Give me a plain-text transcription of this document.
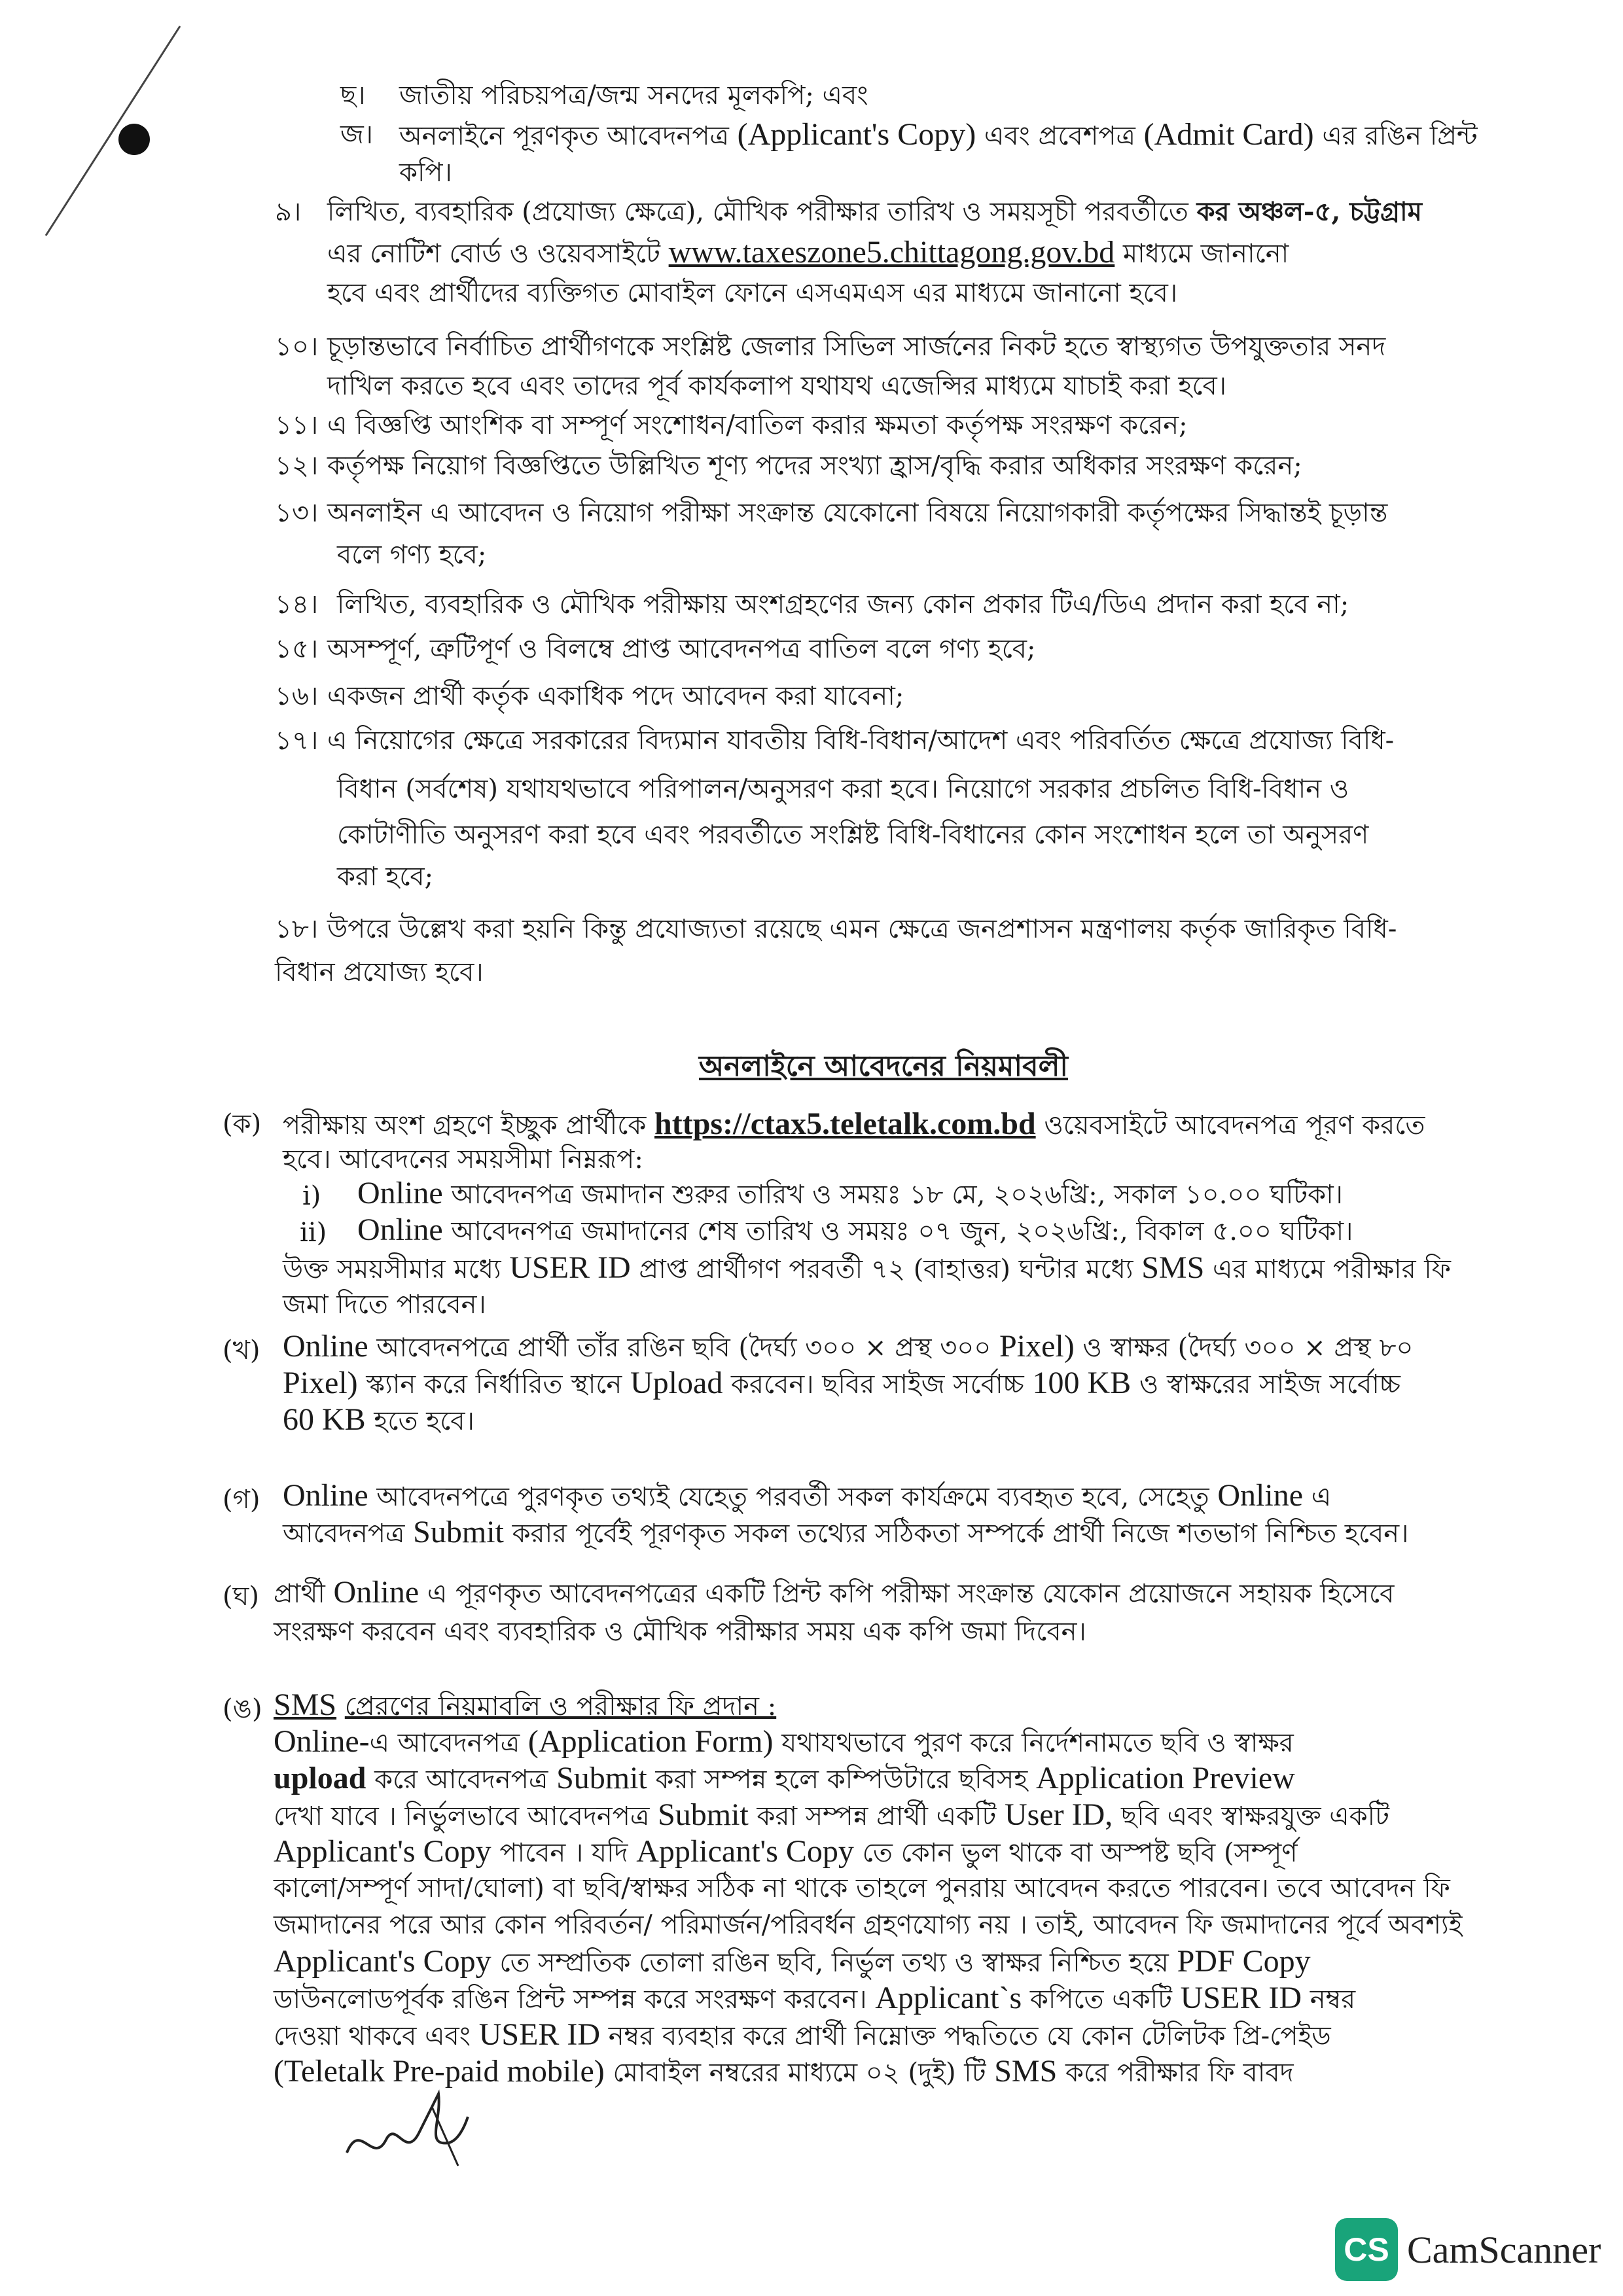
ছ। জাতীয় পরিচয়পত্র/জন্ম সনদের মূলকপি; এবং
জ। অনলাইনে পূরণকৃত আবেদনপত্র (Applicant's Copy) এবং প্রবেশপত্র (Admit Card) এর রঙিন প্রিন্ট
কপি।
৯। লিখিত, ব্যবহারিক (প্রযোজ্য ক্ষেত্রে), মৌখিক পরীক্ষার তারিখ ও সময়সূচী পরবর্তীতে কর অঞ্চল-৫, চট্টগ্রাম
এর নোটিশ বোর্ড ও ওয়েবসাইটে www.taxeszone5.chittagong.gov.bd মাধ্যমে জানানো
হবে এবং প্রার্থীদের ব্যক্তিগত মোবাইল ফোনে এসএমএস এর মাধ্যমে জানানো হবে।
১০। চূড়ান্তভাবে নির্বাচিত প্রার্থীগণকে সংশ্লিষ্ট জেলার সিভিল সার্জনের নিকট হতে স্বাস্থ্যগত উপযুক্ততার সনদ
দাখিল করতে হবে এবং তাদের পূর্ব কার্যকলাপ যথাযথ এজেন্সির মাধ্যমে যাচাই করা হবে।
১১। এ বিজ্ঞপ্তি আংশিক বা সম্পূর্ণ সংশোধন/বাতিল করার ক্ষমতা কর্তৃপক্ষ সংরক্ষণ করেন;
১২। কর্তৃপক্ষ নিয়োগ বিজ্ঞপ্তিতে উল্লিখিত শূণ্য পদের সংখ্যা হ্রাস/বৃদ্ধি করার অধিকার সংরক্ষণ করেন;
১৩। অনলাইন এ আবেদন ও নিয়োগ পরীক্ষা সংক্রান্ত যেকোনো বিষয়ে নিয়োগকারী কর্তৃপক্ষের সিদ্ধান্তই চূড়ান্ত
বলে গণ্য হবে;
১৪। লিখিত, ব্যবহারিক ও মৌখিক পরীক্ষায় অংশগ্রহণের জন্য কোন প্রকার টিএ/ডিএ প্রদান করা হবে না;
১৫। অসম্পূর্ণ, ত্রুটিপূর্ণ ও বিলম্বে প্রাপ্ত আবেদনপত্র বাতিল বলে গণ্য হবে;
১৬। একজন প্রার্থী কর্তৃক একাধিক পদে আবেদন করা যাবেনা;
১৭। এ নিয়োগের ক্ষেত্রে সরকারের বিদ্যমান যাবতীয় বিধি-বিধান/আদেশ এবং পরিবর্তিত ক্ষেত্রে প্রযোজ্য বিধি-
বিধান (সর্বশেষ) যথাযথভাবে পরিপালন/অনুসরণ করা হবে। নিয়োগে সরকার প্রচলিত বিধি-বিধান ও
কোটাণীতি অনুসরণ করা হবে এবং পরবর্তীতে সংশ্লিষ্ট বিধি-বিধানের কোন সংশোধন হলে তা অনুসরণ
করা হবে;
১৮। উপরে উল্লেখ করা হয়নি কিন্তু প্রযোজ্যতা রয়েছে এমন ক্ষেত্রে জনপ্রশাসন মন্ত্রণালয় কর্তৃক জারিকৃত বিধি-
বিধান প্রযোজ্য হবে।
অনলাইনে আবেদনের নিয়মাবলী
(ক) পরীক্ষায় অংশ গ্রহণে ইচ্ছুক প্রার্থীকে https://ctax5.teletalk.com.bd ওয়েবসাইটে আবেদনপত্র পূরণ করতে
হবে। আবেদনের সময়সীমা নিম্নরূপ:
i) Online আবেদনপত্র জমাদান শুরুর তারিখ ও সময়ঃ ১৮ মে, ২০২৬খ্রি:, সকাল ১০.০০ ঘটিকা।
ii) Online আবেদনপত্র জমাদানের শেষ তারিখ ও সময়ঃ ০৭ জুন, ২০২৬খ্রি:, বিকাল ৫.০০ ঘটিকা।
উক্ত সময়সীমার মধ্যে USER ID প্রাপ্ত প্রার্থীগণ পরবর্তী ৭২ (বাহাত্তর) ঘন্টার মধ্যে SMS এর মাধ্যমে পরীক্ষার ফি
জমা দিতে পারবেন।
(খ) Online আবেদনপত্রে প্রার্থী তাঁর রঙিন ছবি (দৈর্ঘ্য ৩০০ × প্রস্থ ৩০০ Pixel) ও স্বাক্ষর (দৈর্ঘ্য ৩০০ × প্রস্থ ৮০
Pixel) স্ক্যান করে নির্ধারিত স্থানে Upload করবেন। ছবির সাইজ সর্বোচ্চ 100 KB ও স্বাক্ষরের সাইজ সর্বোচ্চ
60 KB হতে হবে।
(গ) Online আবেদনপত্রে পুরণকৃত তথ্যই যেহেতু পরবর্তী সকল কার্যক্রমে ব্যবহৃত হবে, সেহেতু Online এ
আবেদনপত্র Submit করার পূর্বেই পূরণকৃত সকল তথ্যের সঠিকতা সম্পর্কে প্রার্থী নিজে শতভাগ নিশ্চিত হবেন।
(ঘ) প্রার্থী Online এ পূরণকৃত আবেদনপত্রের একটি প্রিন্ট কপি পরীক্ষা সংক্রান্ত যেকোন প্রয়োজনে সহায়ক হিসেবে
সংরক্ষণ করবেন এবং ব্যবহারিক ও মৌখিক পরীক্ষার সময় এক কপি জমা দিবেন।
(ঙ) SMS প্রেরণের নিয়মাবলি ও পরীক্ষার ফি প্রদান :
Online-এ আবেদনপত্র (Application Form) যথাযথভাবে পুরণ করে নির্দেশনামতে ছবি ও স্বাক্ষর
upload করে আবেদনপত্র Submit করা সম্পন্ন হলে কম্পিউটারে ছবিসহ Application Preview
দেখা যাবে । নির্ভুলভাবে আবেদনপত্র Submit করা সম্পন্ন প্রার্থী একটি User ID, ছবি এবং স্বাক্ষরযুক্ত একটি
Applicant's Copy পাবেন । যদি Applicant's Copy তে কোন ভুল থাকে বা অস্পষ্ট ছবি (সম্পূর্ণ
কালো/সম্পূর্ণ সাদা/ঘোলা) বা ছবি/স্বাক্ষর সঠিক না থাকে তাহলে পুনরায় আবেদন করতে পারবেন। তবে আবেদন ফি
জমাদানের পরে আর কোন পরিবর্তন/ পরিমার্জন/পরিবর্ধন গ্রহণযোগ্য নয় । তাই, আবেদন ফি জমাদানের পূর্বে অবশ্যই
Applicant's Copy তে সম্প্রতিক তোলা রঙিন ছবি, নির্ভুল তথ্য ও স্বাক্ষর নিশ্চিত হয়ে PDF Copy
ডাউনলোডপূর্বক রঙিন প্রিন্ট সম্পন্ন করে সংরক্ষণ করবেন। Applicant`s কপিতে একটি USER ID নম্বর
দেওয়া থাকবে এবং USER ID নম্বর ব্যবহার করে প্রার্থী নিম্নোক্ত পদ্ধতিতে যে কোন টেলিটক প্রি-পেইড
(Teletalk Pre-paid mobile) মোবাইল নম্বরের মাধ্যমে ০২ (দুই) টি SMS করে পরীক্ষার ফি বাবদ
CS CamScanner
